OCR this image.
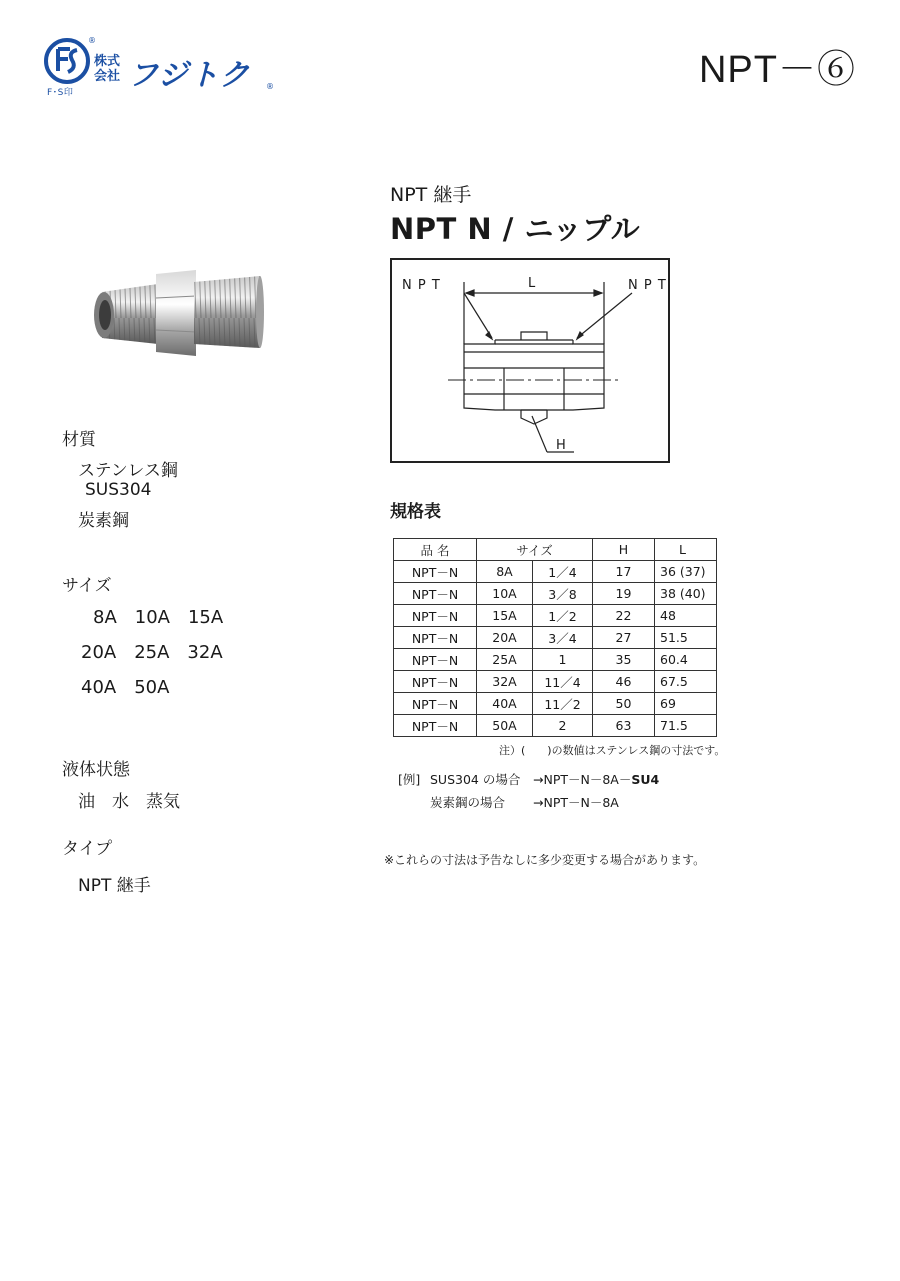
®
F･S印
株式
会社 フジトク ®	NPT－⑥
NPT 継手
NPT N / ニップル
N P T	L	N P T
H
材質
ステンレス鋼
SUS304
炭素鋼
サイズ
8A　10A　15A
20A　25A　32A
40A　50A
液体状態
油　水　蒸気
タイプ
NPT 継手
規格表
品 名	サイズ		H	L
NPT－N	8A	1／4	17	36 (37)
NPT－N	10A	3／8	19	38 (40)
NPT－N	15A	1／2	22	48
NPT－N	20A	3／4	27	51.5
NPT－N	25A	1	35	60.4
NPT－N	32A	11／4	46	67.5
NPT－N	40A	11／2	50	69
NPT－N	50A	2	63	71.5
注）(　　)の数値はステンレス鋼の寸法です。
[例] SUS304 の場合 →NPT－N－8A－SU4
炭素鋼の場合 →NPT－N－8A
※これらの寸法は予告なしに多少変更する場合があります。
